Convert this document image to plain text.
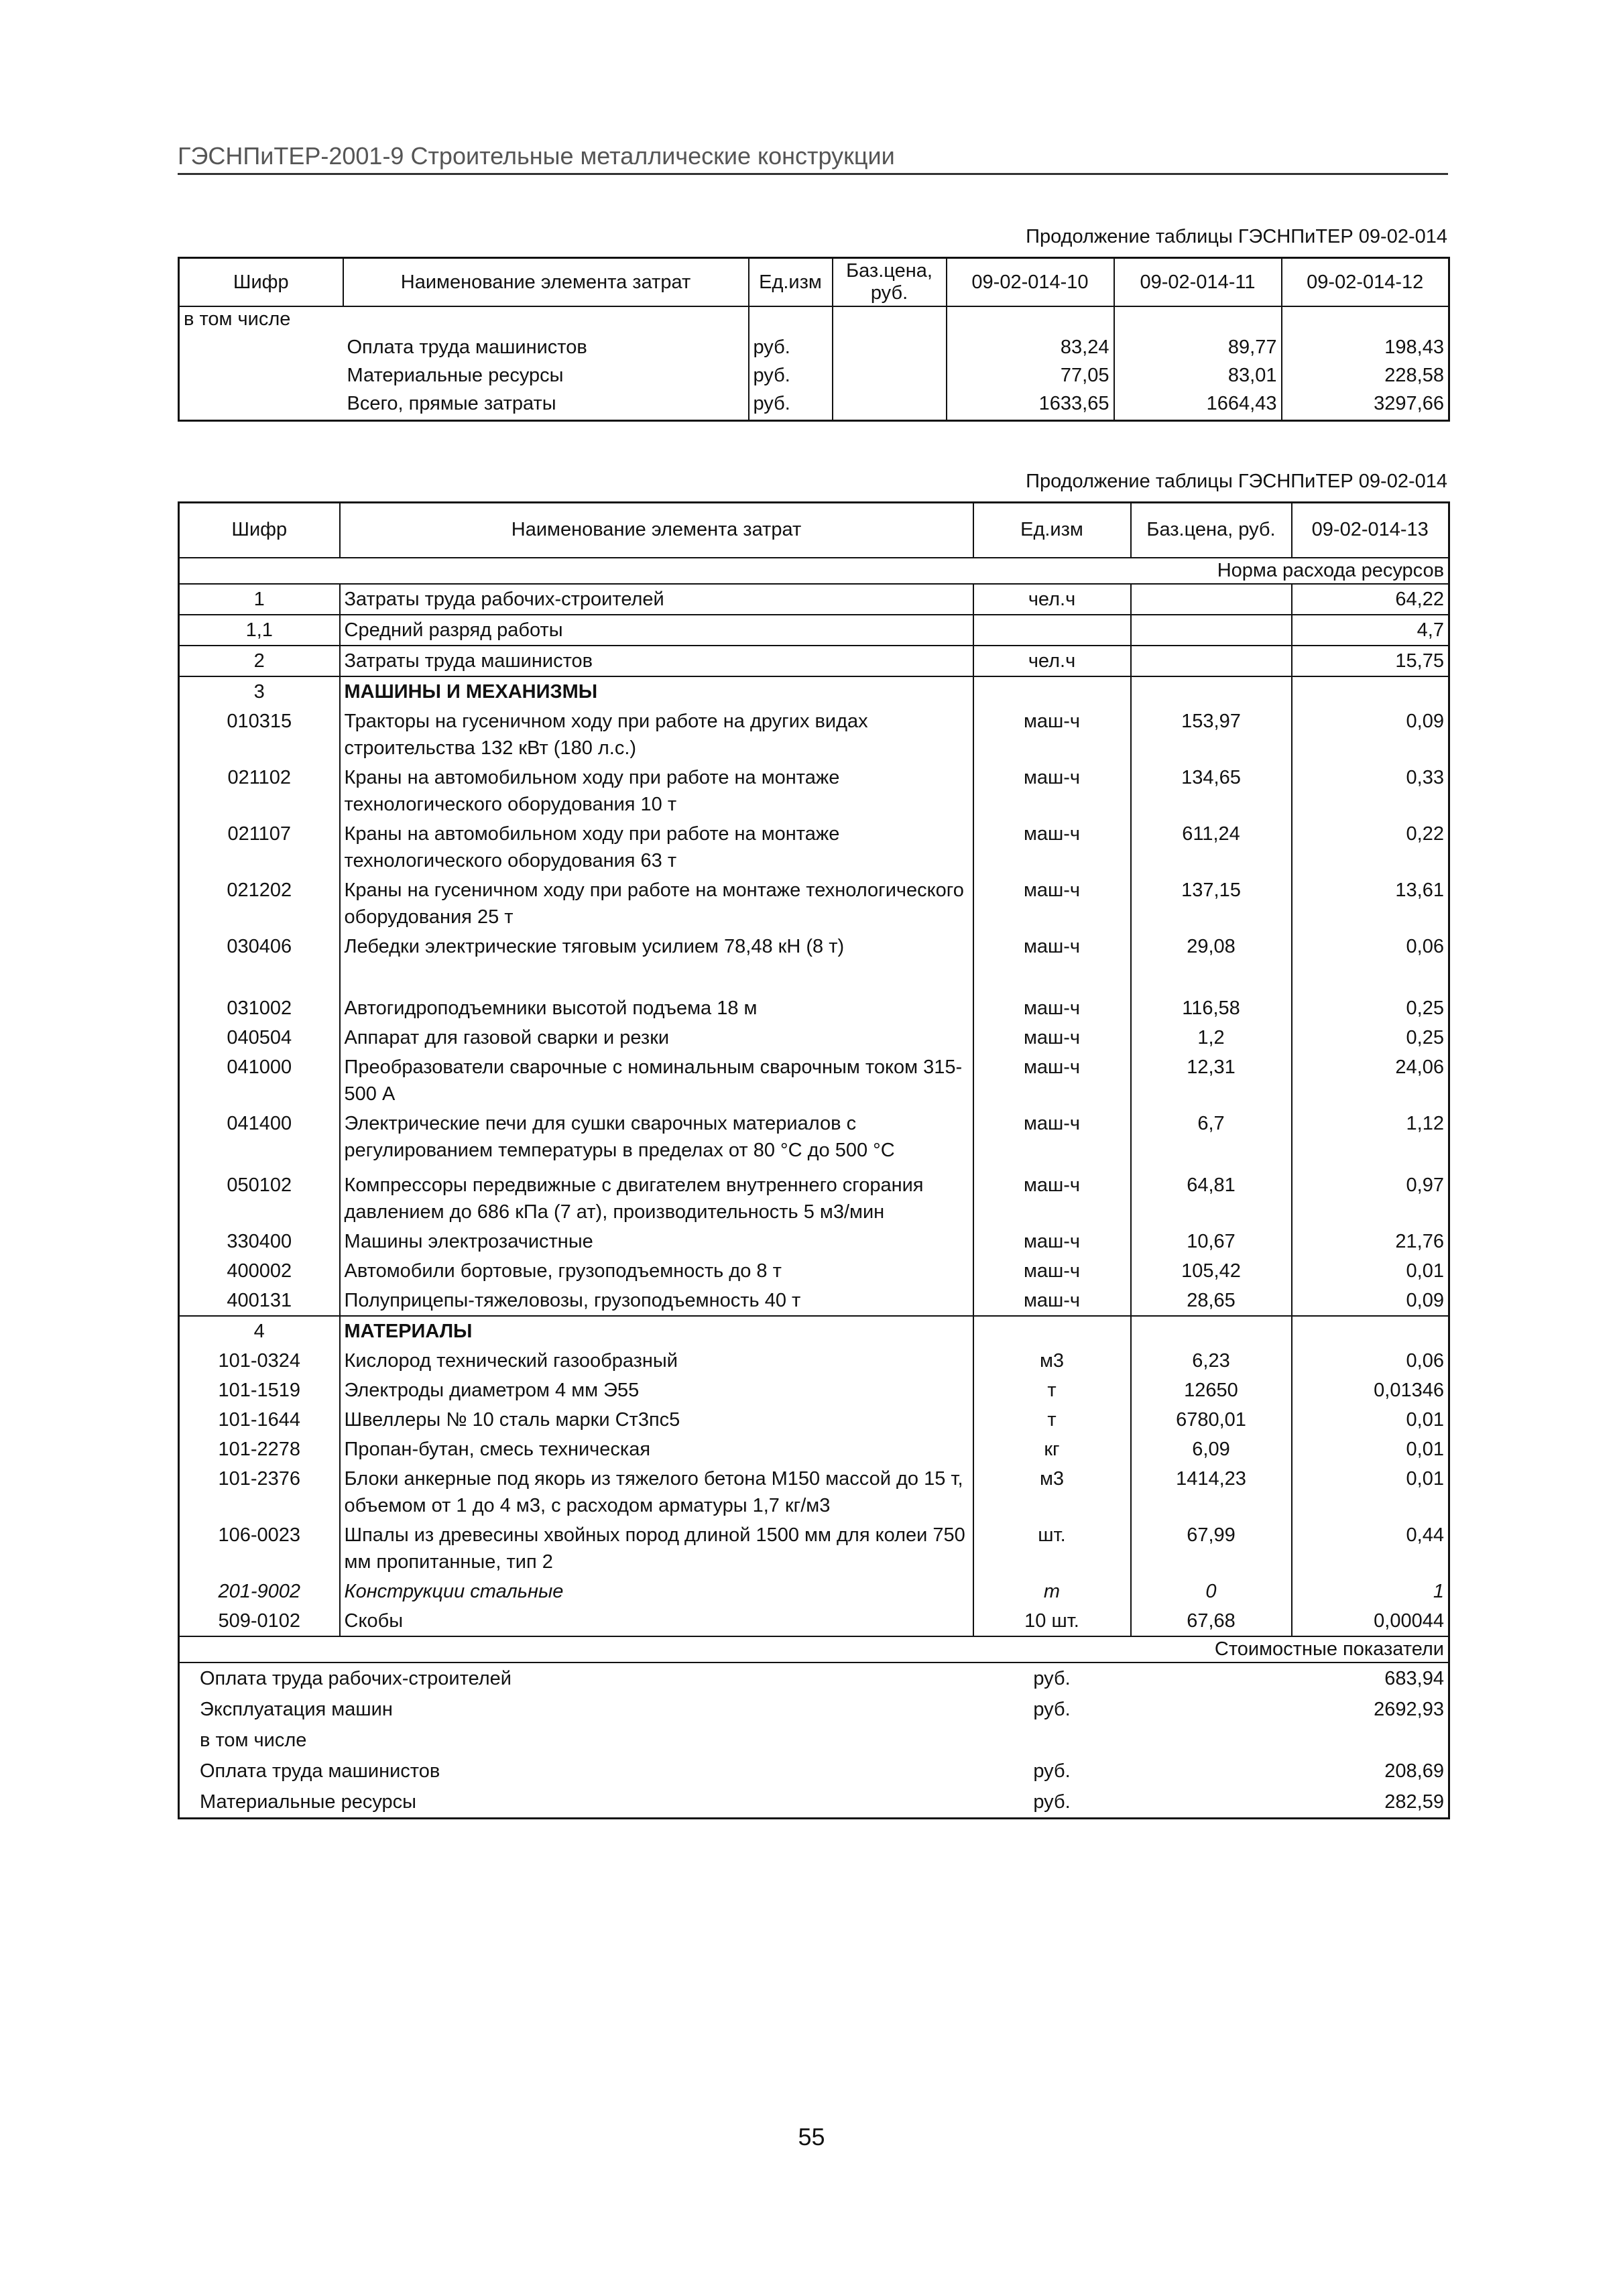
ГЭСНПиТЕР-2001-9 Строительные металлические конструкции
Продолжение таблицы ГЭСНПиТЕР 09-02-014
Шифр	Наименование элемента затрат	Ед.изм	Баз.цена, руб.	09-02-014-10	09-02-014-11	09-02-014-12
в том числе						
	Оплата труда машинистов	руб.		83,24	89,77	198,43
	Материальные ресурсы	руб.		77,05	83,01	228,58
	Всего, прямые затраты	руб.		1633,65	1664,43	3297,66
Продолжение таблицы ГЭСНПиТЕР 09-02-014
Шифр	Наименование элемента затрат	Ед.изм	Баз.цена, руб.	09-02-014-13
Норма расхода ресурсов				
1	Затраты труда рабочих-строителей	чел.ч		64,22
1,1	Средний разряд работы			4,7
2	Затраты труда машинистов	чел.ч		15,75
3	МАШИНЫ И МЕХАНИЗМЫ			
010315	Тракторы на гусеничном ходу при работе на других видах строительства 132 кВт (180 л.с.)	маш-ч	153,97	0,09
021102	Краны на автомобильном ходу при работе на монтаже технологического оборудования 10 т	маш-ч	134,65	0,33
021107	Краны на автомобильном ходу при работе на монтаже технологического оборудования 63 т	маш-ч	611,24	0,22
021202	Краны на гусеничном ходу при работе на монтаже технологического оборудования 25 т	маш-ч	137,15	13,61
030406	Лебедки электрические тяговым усилием 78,48 кН (8 т)	маш-ч	29,08	0,06
031002	Автогидроподъемники высотой подъема 18 м	маш-ч	116,58	0,25
040504	Аппарат для газовой сварки и резки	маш-ч	1,2	0,25
041000	Преобразователи сварочные с номинальным сварочным током 315-500 А	маш-ч	12,31	24,06
041400	Электрические печи для сушки сварочных материалов с регулированием температуры в пределах от 80 °С до 500 °С	маш-ч	6,7	1,12
050102	Компрессоры передвижные с двигателем внутреннего сгорания давлением до 686 кПа (7 ат), производительность 5 м3/мин	маш-ч	64,81	0,97
330400	Машины электрозачистные	маш-ч	10,67	21,76
400002	Автомобили бортовые, грузоподъемность до 8 т	маш-ч	105,42	0,01
400131	Полуприцепы-тяжеловозы, грузоподъемность 40 т	маш-ч	28,65	0,09
4	МАТЕРИАЛЫ			
101-0324	Кислород технический газообразный	м3	6,23	0,06
101-1519	Электроды диаметром 4 мм Э55	т	12650	0,01346
101-1644	Швеллеры № 10 сталь марки Ст3пс5	т	6780,01	0,01
101-2278	Пропан-бутан, смесь техническая	кг	6,09	0,01
101-2376	Блоки анкерные под якорь из тяжелого бетона М150 массой до 15 т, объемом от 1 до 4 м3, с расходом арматуры 1,7 кг/м3	м3	1414,23	0,01
106-0023	Шпалы из древесины хвойных пород длиной 1500 мм для колеи 750 мм пропитанные, тип 2	шт.	67,99	0,44
201-9002	Конструкции стальные	т	0	1
509-0102	Скобы	10 шт.	67,68	0,00044
Стоимостные показатели				
Оплата труда рабочих-строителей		руб.		683,94
Эксплуатация машин		руб.		2692,93
в том числе				
Оплата труда машинистов		руб.		208,69
Материальные ресурсы		руб.		282,59
55
